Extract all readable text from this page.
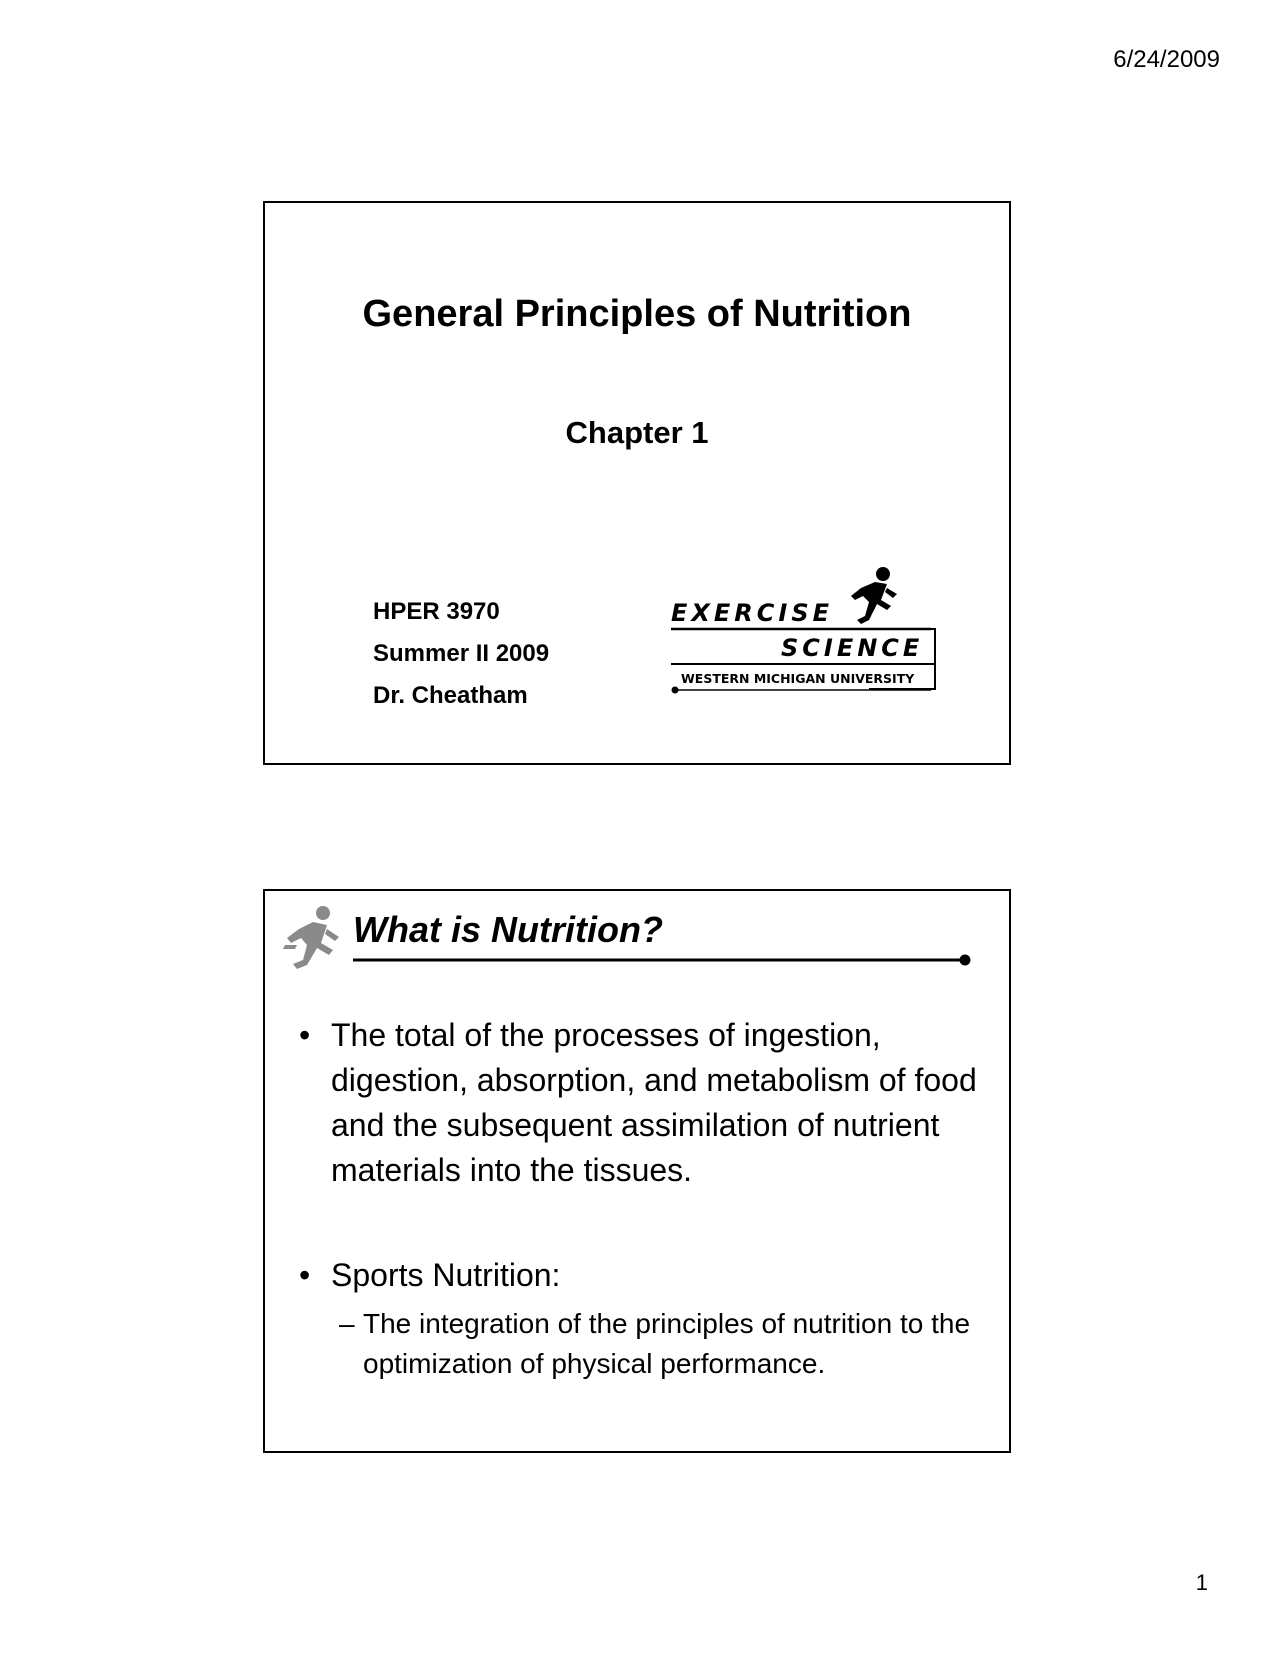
6/24/2009
General Principles of Nutrition
Chapter 1
HPER 3970
Summer II 2009
Dr. Cheatham
EXERCISE
SCIENCE
WESTERN MICHIGAN UNIVERSITY
What is Nutrition?
• The total of the processes of ingestion, digestion, absorption, and metabolism of food and the subsequent assimilation of nutrient materials into the tissues.
• Sports Nutrition:
– The integration of the principles of nutrition to the optimization of physical performance.
1
